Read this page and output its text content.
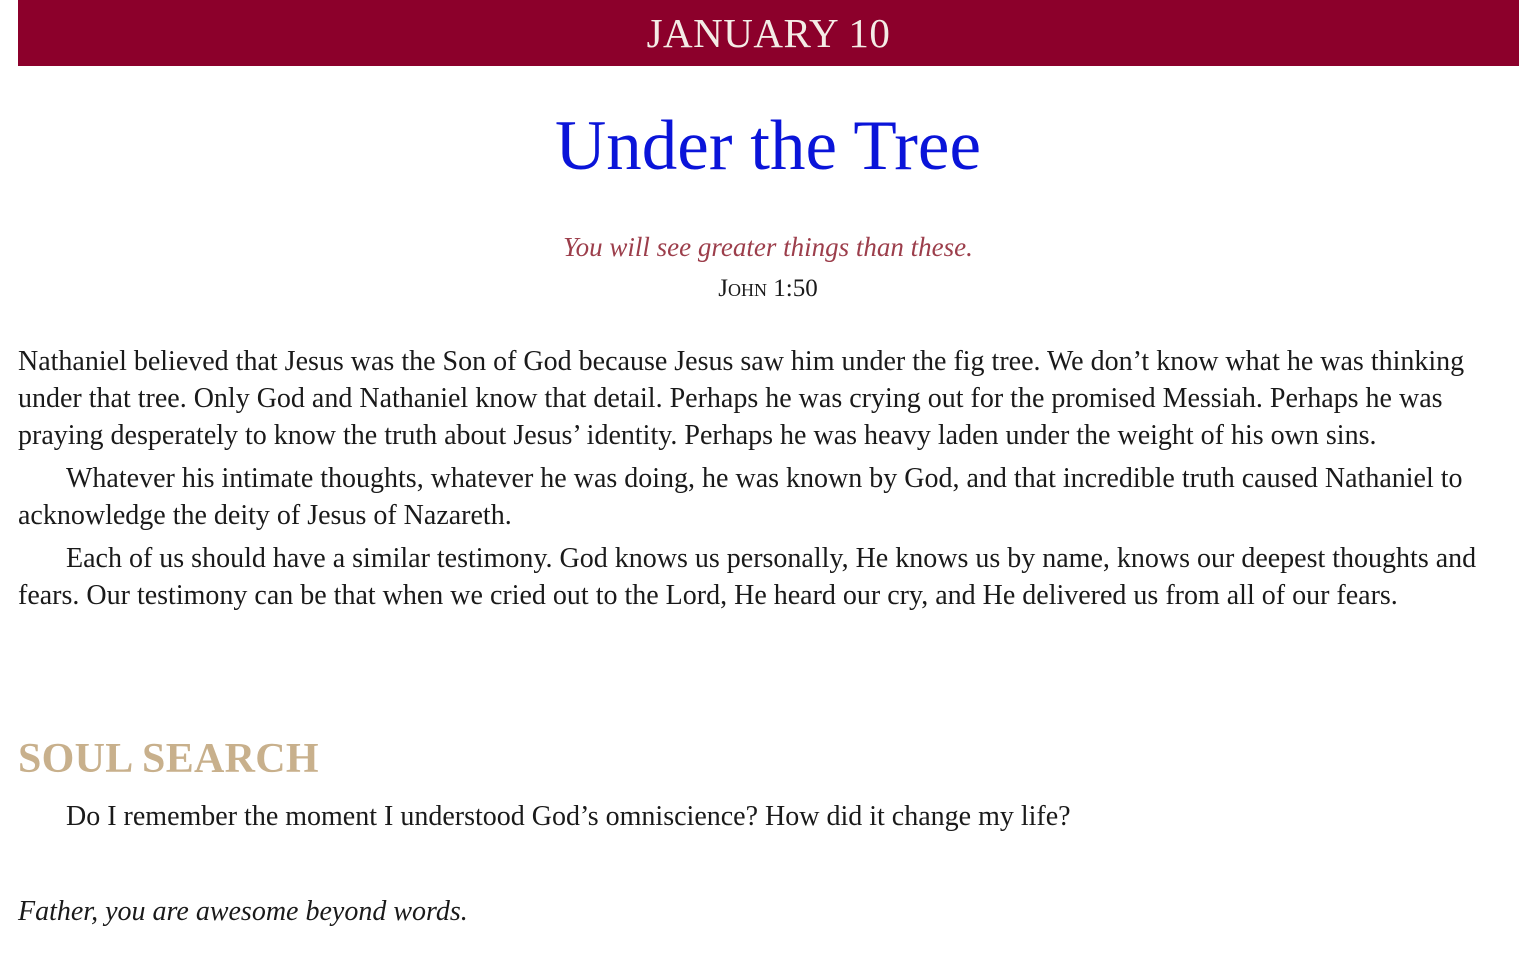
JANUARY 10
Under the Tree
You will see greater things than these.
John 1:50

Nathaniel believed that Jesus was the Son of God because Jesus saw him under the fig tree. We don’t know what he was thinking under that tree. Only God and Nathaniel know that detail. Perhaps he was crying out for the promised Messiah. Perhaps he was praying desperately to know the truth about Jesus’ identity. Perhaps he was heavy laden under the weight of his own sins.

Whatever his intimate thoughts, whatever he was doing, he was known by God, and that incredible truth caused Nathaniel to acknowledge the deity of Jesus of Nazareth.

Each of us should have a similar testimony. God knows us personally, He knows us by name, knows our deepest thoughts and fears. Our testimony can be that when we cried out to the Lord, He heard our cry, and He delivered us from all of our fears.

SOUL SEARCH
Do I remember the moment I understood God’s omniscience? How did it change my life?
Father, you are awesome beyond words.
